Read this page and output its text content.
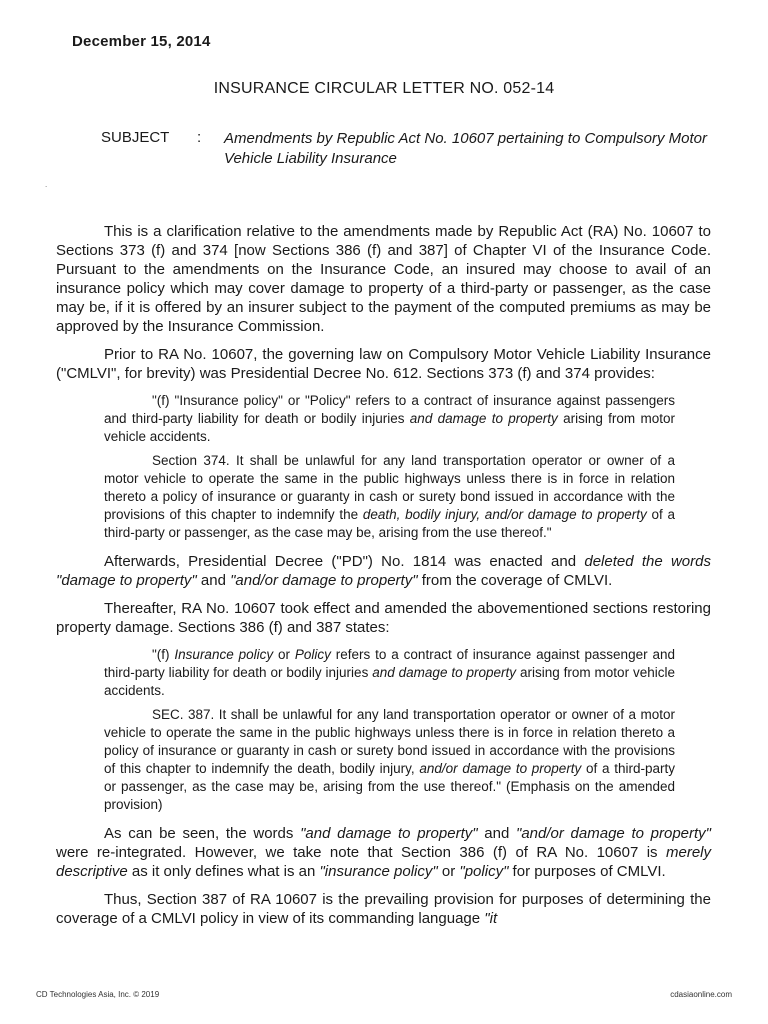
December 15, 2014
INSURANCE CIRCULAR LETTER NO. 052-14
SUBJECT : Amendments by Republic Act No. 10607 pertaining to Compulsory Motor Vehicle Liability Insurance
.

This is a clarification relative to the amendments made by Republic Act (RA) No. 10607 to Sections 373 (f) and 374 [now Sections 386 (f) and 387] of Chapter VI of the Insurance Code. Pursuant to the amendments on the Insurance Code, an insured may choose to avail of an insurance policy which may cover damage to property of a third-party or passenger, as the case may be, if it is offered by an insurer subject to the payment of the computed premiums as may be approved by the Insurance Commission.

Prior to RA No. 10607, the governing law on Compulsory Motor Vehicle Liability Insurance ("CMLVI", for brevity) was Presidential Decree No. 612. Sections 373 (f) and 374 provides:

"(f) "Insurance policy" or "Policy" refers to a contract of insurance against passengers and third-party liability for death or bodily injuries and damage to property arising from motor vehicle accidents.
Section 374. It shall be unlawful for any land transportation operator or owner of a motor vehicle to operate the same in the public highways unless there is in force in relation thereto a policy of insurance or guaranty in cash or surety bond issued in accordance with the provisions of this chapter to indemnify the death, bodily injury, and/or damage to property of a third-party or passenger, as the case may be, arising from the use thereof."

Afterwards, Presidential Decree ("PD") No. 1814 was enacted and deleted the words "damage to property" and "and/or damage to property" from the coverage of CMLVI.

Thereafter, RA No. 10607 took effect and amended the abovementioned sections restoring property damage. Sections 386 (f) and 387 states:

"(f) Insurance policy or Policy refers to a contract of insurance against passenger and third-party liability for death or bodily injuries and damage to property arising from motor vehicle accidents.
SEC. 387. It shall be unlawful for any land transportation operator or owner of a motor vehicle to operate the same in the public highways unless there is in force in relation thereto a policy of insurance or guaranty in cash or surety bond issued in accordance with the provisions of this chapter to indemnify the death, bodily injury, and/or damage to property of a third-party or passenger, as the case may be, arising from the use thereof." (Emphasis on the amended provision)

As can be seen, the words "and damage to property" and "and/or damage to property" were re-integrated. However, we take note that Section 386 (f) of RA No. 10607 is merely descriptive as it only defines what is an "insurance policy" or "policy" for purposes of CMLVI.

Thus, Section 387 of RA 10607 is the prevailing provision for purposes of determining the coverage of a CMLVI policy in view of its commanding language "it

CD Technologies Asia, Inc. © 2019	cdasiaonline.com
